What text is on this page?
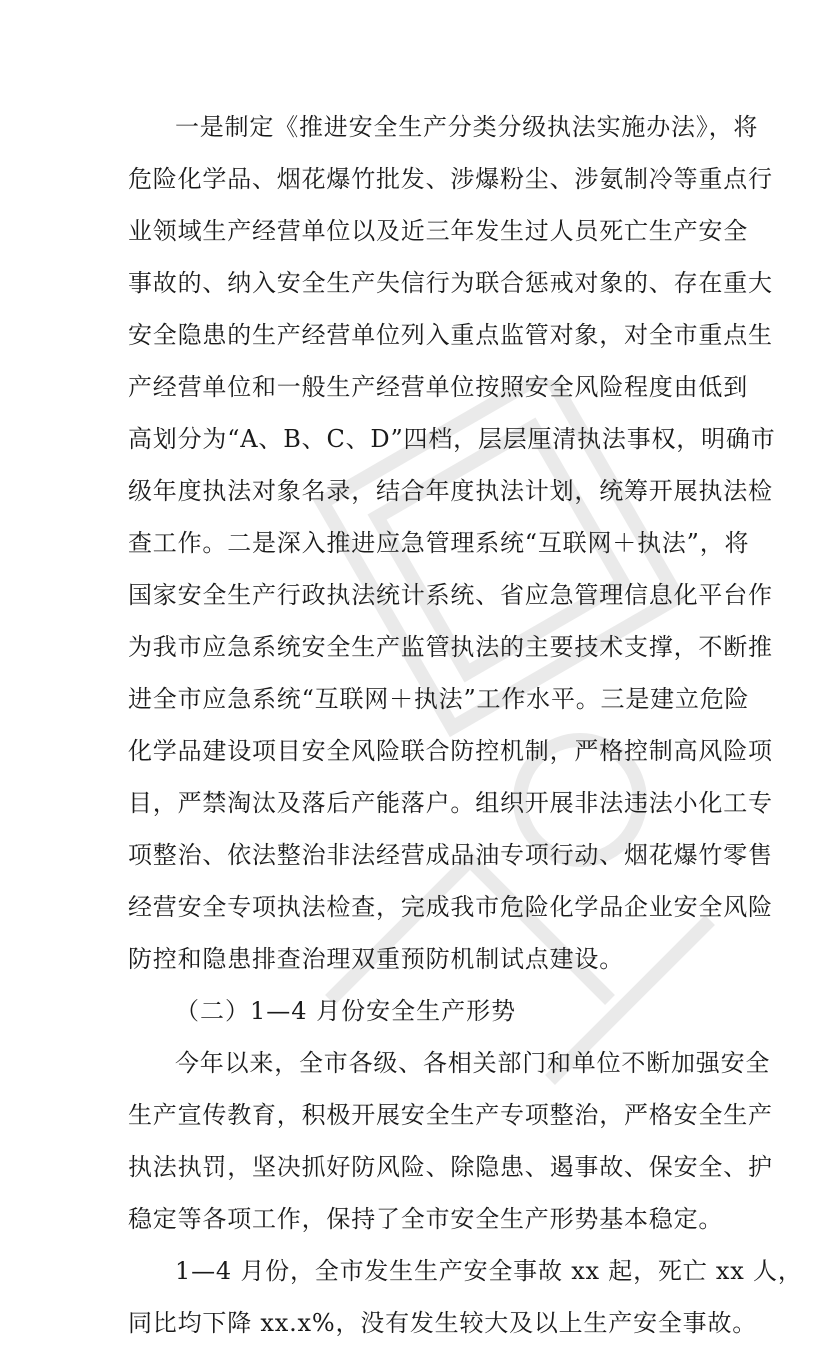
一是制定《推进安全生产分类分级执法实施办法》，将
危险化学品、烟花爆竹批发、涉爆粉尘、涉氨制冷等重点行
业领域生产经营单位以及近三年发生过人员死亡生产安全
事故的、纳入安全生产失信行为联合惩戒对象的、存在重大
安全隐患的生产经营单位列入重点监管对象，对全市重点生
产经营单位和一般生产经营单位按照安全风险程度由低到
高划分为“A、B、C、D”四档，层层厘清执法事权，明确市
级年度执法对象名录，结合年度执法计划，统筹开展执法检
查工作。二是深入推进应急管理系统“互联网＋执法”，将
国家安全生产行政执法统计系统、省应急管理信息化平台作
为我市应急系统安全生产监管执法的主要技术支撑，不断推
进全市应急系统“互联网＋执法”工作水平。三是建立危险
化学品建设项目安全风险联合防控机制，严格控制高风险项
目，严禁淘汰及落后产能落户。组织开展非法违法小化工专
项整治、依法整治非法经营成品油专项行动、烟花爆竹零售
经营安全专项执法检查，完成我市危险化学品企业安全风险
防控和隐患排查治理双重预防机制试点建设。
（二）1—4 月份安全生产形势
今年以来，全市各级、各相关部门和单位不断加强安全
生产宣传教育，积极开展安全生产专项整治，严格安全生产
执法执罚，坚决抓好防风险、除隐患、遏事故、保安全、护
稳定等各项工作，保持了全市安全生产形势基本稳定。
1—4 月份，全市发生生产安全事故 xx 起，死亡 xx 人，
同比均下降 xx.x%，没有发生较大及以上生产安全事故。
